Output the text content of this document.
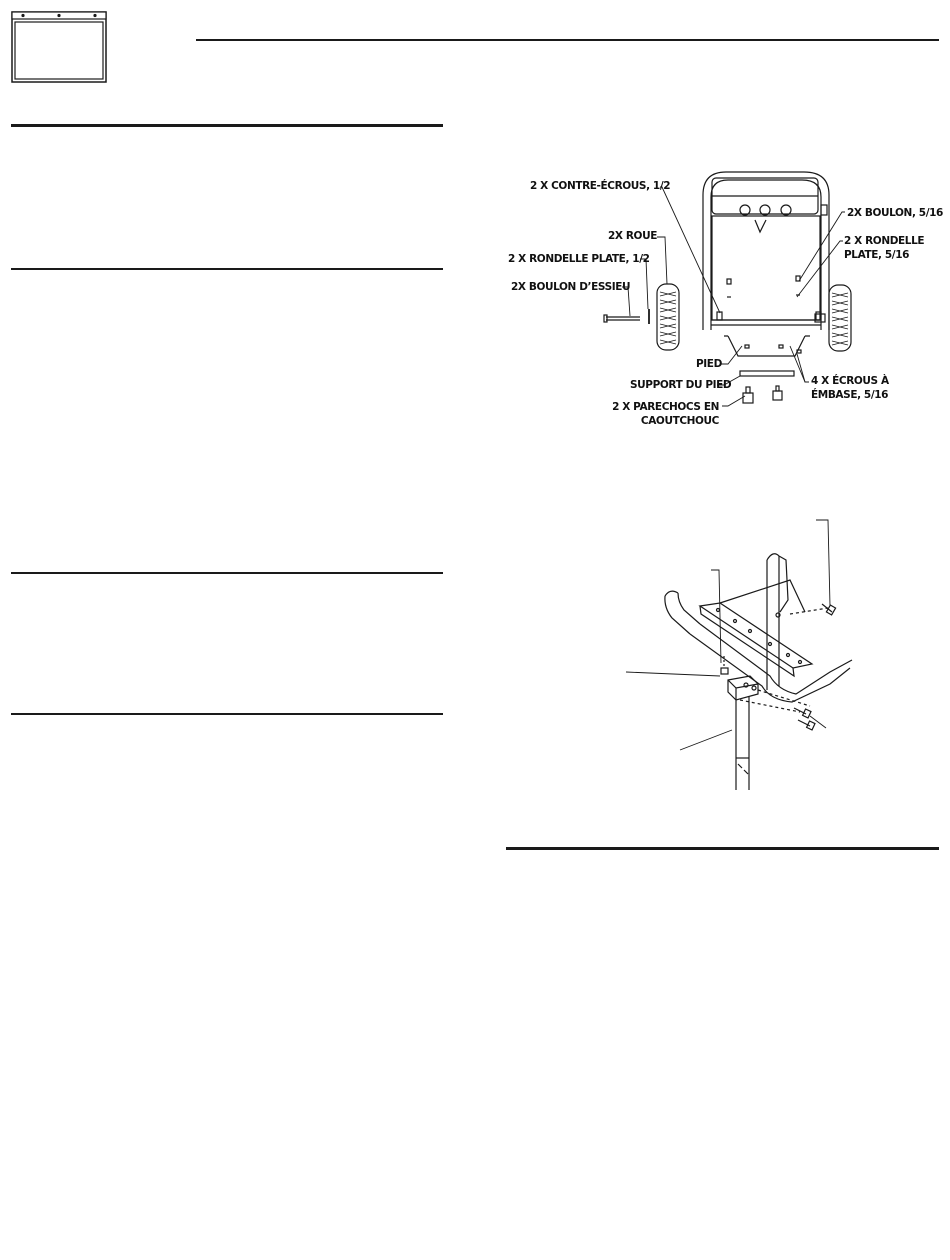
2 X CONTRE-ÉCROUS, 1/2
2X ROUE
2 X RONDELLE PLATE, 1/2
2X BOULON D’ESSIEU
2X BOULON, 5/16
2 X RONDELLE
PLATE, 5/16
PIED
SUPPORT DU PIED
2 X PARECHOCS EN
CAOUTCHOUC
4 X ÉCROUS À
ÉMBASE, 5/16
